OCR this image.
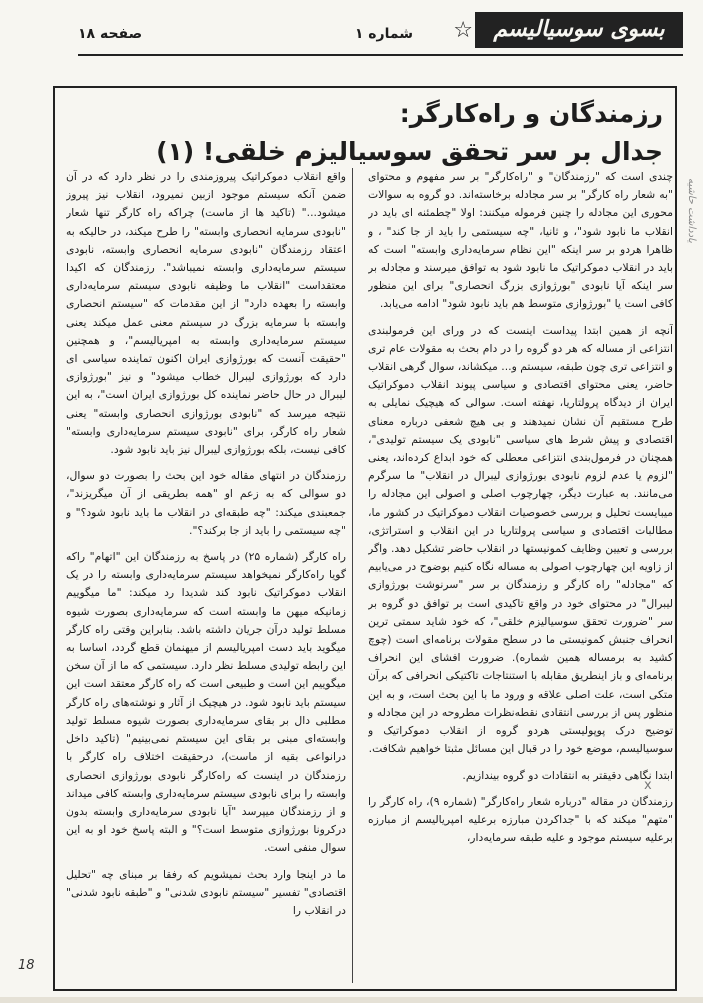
بسوی سوسیالیسم
☆
شماره ۱
صفحه ۱۸
رزمندگان و راه‌کارگر:
جدال بر سر تحقق سوسیالیزم خلقی! (۱)

چندی است که "رزمندگان" و "راه‌کارگر" بر سر مفهوم و محتوای "به شعار راه کارگر" بر سر مجادله برخاسته‌اند. دو گروه به سوالات محوری این مجادله را چنین فرموله میکنند: اولا "چطمئنه ای باید در انقلاب ما نابود شود"، و ثانیا، "چه سیستمی را باید از جا کند" ، و ظاهرا هردو بر سر اینکه "این نظام سرمایه‌داری وابسته" است که باید در انقلاب دموکراتیک ما نابود شود به توافق میرسند و مجادله بر سر اینکه آیا نابودی "بورژوازی بزرگ انحصاری" برای این منظور کافی است یا "بورژوازی متوسط هم باید نابود شود" ادامه می‌یابد.

آنچه از همین ابتدا پیداست اینست که در ورای این فرمولبندی انتزاعی از مساله که هر دو گروه را در دام بحث به مقولات عام تری و انتزاعی تری چون طبقه، سیستم و... میکشاند، سوال گرهی انقلاب حاضر، یعنی محتوای اقتصادی و سیاسی پیوند انقلاب دموکراتیک ایران از دیدگاه پرولتاریا، نهفته است. سوالی که هیچیک نمایلی به طرح مستقیم آن نشان نمیدهند و بی هیچ شعفی درباره معنای اقتصادی و پیش شرط های سیاسی "نابودی یک سیستم تولیدی"، همچنان در فرمول‌بندی انتزاعی معطلی که خود ابداع کرده‌اند، یعنی "لزوم یا عدم لزوم نابودی بورژوازی لیبرال در انقلاب" ما سرگرم می‌مانند. به عبارت دیگر، چهارچوب اصلی و اصولی این مجادله را میبایست تحلیل و بررسی خصوصیات انقلاب دموکراتیک در کشور ما، مطالبات اقتصادی و سیاسی پرولتاریا در این انقلاب و استراتژی، بررسی و تعیین وظایف کمونیستها در انقلاب حاضر تشکیل دهد. واگر از زاویه این چهارچوب اصولی به مساله نگاه کنیم بوضوح در می‌یابیم که "مجادله" راه کارگر و رزمندگان بر سر "سرنوشت بورژوازی لیبرال" در محتوای خود در واقع تاکیدی است بر توافق دو گروه بر سر "ضرورت تحقق سوسیالیزم خلقی"، که خود شاید سمتی ترین انحراف جنبش کمونیستی ما در سطح مقولات برنامه‌ای است (چوچ کشید به برمساله همین شماره). ضرورت افشای این انحراف برنامه‌ای و باز اینطریق مقابله با استنتاجات تاکتیکی انحرافی که برآن متکی است، علت اصلی علاقه و ورود ما با این بحث است، و به این منظور پس از بررسی انتقادی نقطه‌نظرات مطروحه در این مجادله و توضیح درک پوپولیستی هردو گروه از انقلاب دموکراتیک و سوسیالیسم، موضع خود را در قبال این مسائل مثبتا خواهیم شکافت.

ابتدا نگاهی دقیقتر به انتقادات دو گروه بیندازیم.

رزمندگان در مقاله "درباره شعار راه‌کارگر" (شماره ۹)، راه کارگر را "متهم" میکند که با "جداکردن مبارزه برعلیه امپریالیسم از مبارزه برعلیه سیستم موجود و علیه طبقه سرمایه‌دار،

واقع انقلاب دموکراتیک پیروزمندی را در نظر دارد که در آن ضمن آنکه سیستم موجود ازبین نمیرود، انقلاب نیز پیروز میشود..." (تاکید ها از ماست) چراکه راه کارگر تنها شعار "نابودی سرمایه انحصاری وابسته" را طرح میکند، در حالیکه به اعتقاد رزمندگان "نابودی سرمایه انحصاری وابسته، نابودی سیستم سرمایه‌داری وابسته نمیباشد". رزمندگان که اکیدا معتقداست "انقلاب ما وظیفه نابودی سیستم سرمایه‌داری وابسته را بعهده دارد" از این مقدمات که "سیستم انحصاری وابسته با سرمایه بزرگ در سیستم معنی عمل میکند یعنی سیستم سرمایه‌داری وابسته به امپریالیسم"، و همچنین "حقیقت آنست که بورژوازی ایران اکنون تماینده سیاسی ای دارد که بورژوازی لیبرال خطاب میشود" و نیز "بورژوازی لیبرال در حال حاضر نماینده کل بورژوازی ایران است"، به این نتیجه میرسد که "نابودی بورژوازی انحصاری وابسته" یعنی شعار راه کارگر، برای "نابودی سیستم سرمایه‌داری وابسته" کافی نیست، بلکه بورژوازی لیبرال نیز باید نابود شود.

رزمندگان در انتهای مقاله خود این بحث را بصورت دو سوال، دو سوالی که به زعم او "همه بطریقی از آن میگریزند"، جمعبندی میکند: "چه طبقه‌ای در انقلاب ما باید نابود شود؟" و "چه سیستمی را باید از جا برکند؟".

راه کارگر (شماره ۲۵) در پاسخ به رزمندگان این "اتهام" راکه گویا راه‌کارگر نمیخواهد سیستم سرمایه‌داری وابسته را در یک انقلاب دموکراتیک نابود کند شدیدا رد میکند: "ما میگوییم زمانیکه میهن ما وابسته است که سرمایه‌داری بصورت شیوه مسلط تولید درآن جریان داشته باشد. بنابراین وقتی راه کارگر میگوید باید دست امپریالیسم از میهنمان قطع گردد، اساسا به این رابطه تولیدی مسلط نظر دارد. سیستمی که ما از آن سخن میگوییم این است و طبیعی است که راه کارگر معتقد است این سیستم باید نابود شود. در هیچیک از آثار و نوشته‌های راه کارگر مطلبی دال بر بقای سرمایه‌داری بصورت شیوه مسلط تولید وابسته‌ای مبنی بر بقای این سیستم نمی‌بینیم" (تاکید داخل درانواعی بقیه از ماست)، درحقیقت اختلاف راه کارگر با رزمندگان در اینست که راه‌کارگر نابودی بورژوازی انحصاری وابسته را برای نابودی سیستم سرمایه‌داری وابسته کافی میداند و از رزمندگان میپرسد "آیا نابودی سرمایه‌داری وابسته بدون درکرونا بورژوازی متوسط است؟" و البته پاسخ خود او به این سوال منفی است.

ما در اینجا وارد بحث نمیشویم که رفقا بر مبنای چه "تحلیل اقتصادی" تفسیر "سیستم نابودی شدنی" و "طبقه نابود شدنی" در انقلاب را

یادداشت حاشیه
x
18
